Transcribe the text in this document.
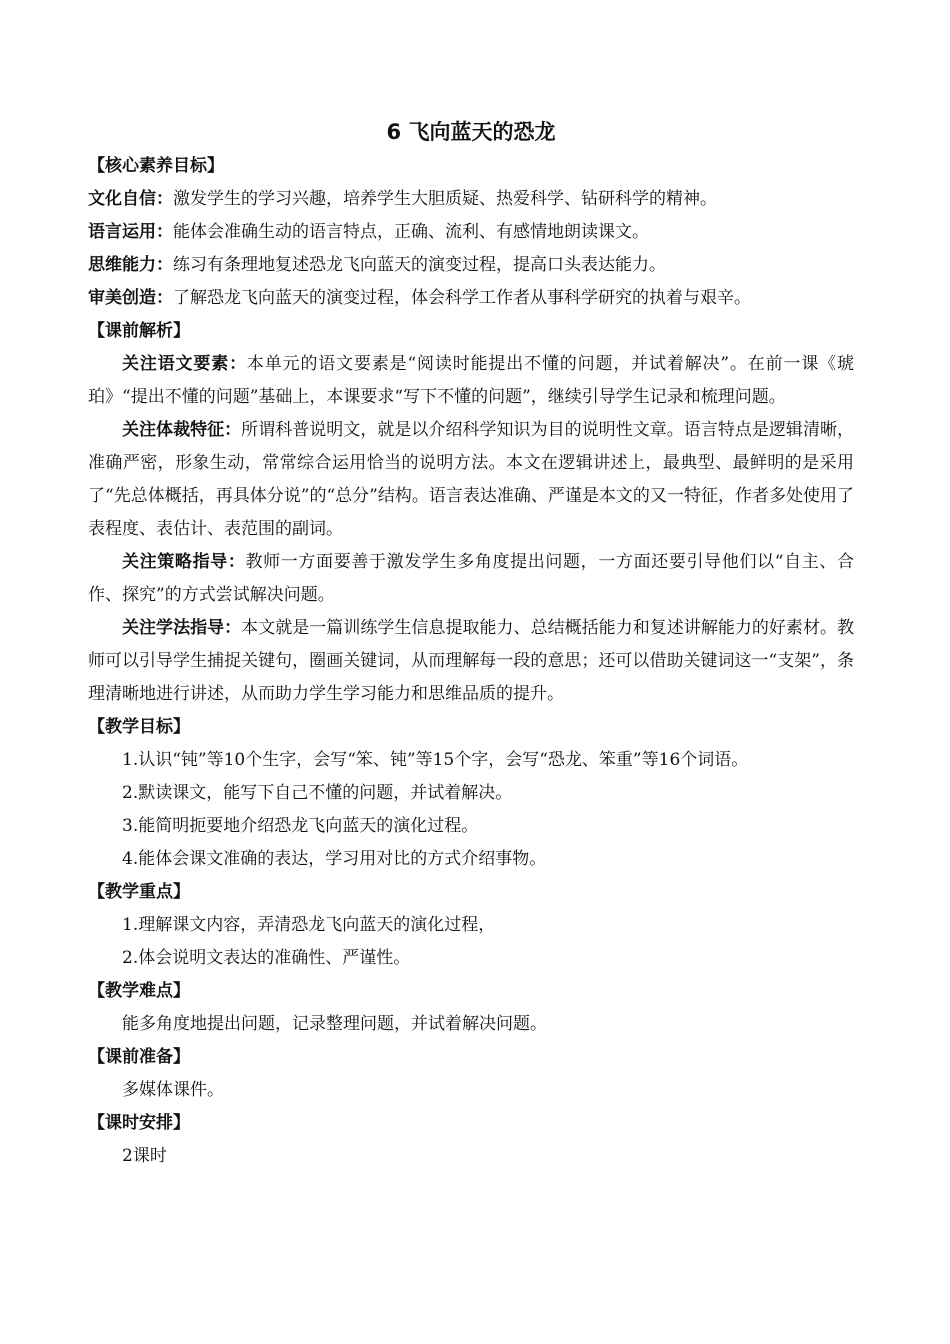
6 飞向蓝天的恐龙

【核心素养目标】

文化自信：激发学生的学习兴趣，培养学生大胆质疑、热爱科学、钻研科学的精神。

语言运用：能体会准确生动的语言特点，正确、流利、有感情地朗读课文。

思维能力：练习有条理地复述恐龙飞向蓝天的演变过程，提高口头表达能力。

审美创造：了解恐龙飞向蓝天的演变过程，体会科学工作者从事科学研究的执着与艰辛。

【课前解析】

关注语文要素：本单元的语文要素是“阅读时能提出不懂的问题，并试着解决”。在前一课《琥珀》“提出不懂的问题”基础上，本课要求“写下不懂的问题”，继续引导学生记录和梳理问题。

关注体裁特征：所谓科普说明文，就是以介绍科学知识为目的说明性文章。语言特点是逻辑清晰，准确严密，形象生动，常常综合运用恰当的说明方法。本文在逻辑讲述上，最典型、最鲜明的是采用了“先总体概括，再具体分说”的“总分”结构。语言表达准确、严谨是本文的又一特征，作者多处使用了表程度、表估计、表范围的副词。

关注策略指导：教师一方面要善于激发学生多角度提出问题，一方面还要引导他们以“自主、合作、探究”的方式尝试解决问题。

关注学法指导：本文就是一篇训练学生信息提取能力、总结概括能力和复述讲解能力的好素材。教师可以引导学生捕捉关键句，圈画关键词，从而理解每一段的意思；还可以借助关键词这一“支架”，条理清晰地进行讲述，从而助力学生学习能力和思维品质的提升。

【教学目标】

1.认识“钝”等10个生字，会写“笨、钝”等15个字，会写“恐龙、笨重”等16个词语。

2.默读课文，能写下自己不懂的问题，并试着解决。

3.能简明扼要地介绍恐龙飞向蓝天的演化过程。

4.能体会课文准确的表达，学习用对比的方式介绍事物。

【教学重点】

1.理解课文内容，弄清恐龙飞向蓝天的演化过程，

2.体会说明文表达的准确性、严谨性。

【教学难点】

能多角度地提出问题，记录整理问题，并试着解决问题。

【课前准备】

多媒体课件。

【课时安排】

2课时
